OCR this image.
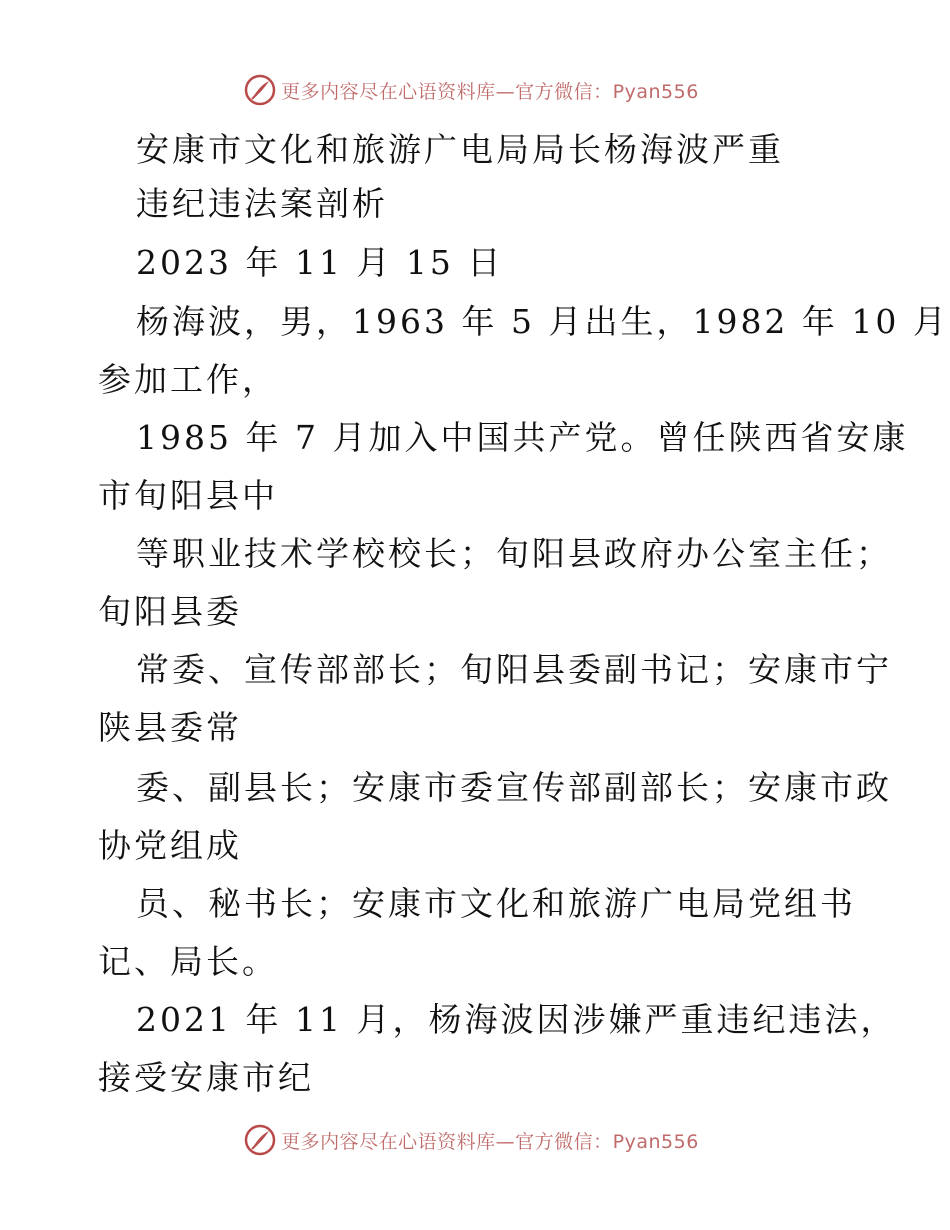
更多内容尽在心语资料库—官方微信：Pyan556
安康市文化和旅游广电局局长杨海波严重
违纪违法案剖析
2023 年 11 月 15 日
杨海波，男，1963 年 5 月出生，1982 年 10 月
参加工作，
1985 年 7 月加入中国共产党。曾任陕西省安康
市旬阳县中
等职业技术学校校长；旬阳县政府办公室主任；
旬阳县委
常委、宣传部部长；旬阳县委副书记；安康市宁
陕县委常
委、副县长；安康市委宣传部副部长；安康市政
协党组成
员、秘书长；安康市文化和旅游广电局党组书
记、局长。
2021 年 11 月，杨海波因涉嫌严重违纪违法，
接受安康市纪
更多内容尽在心语资料库—官方微信：Pyan556
